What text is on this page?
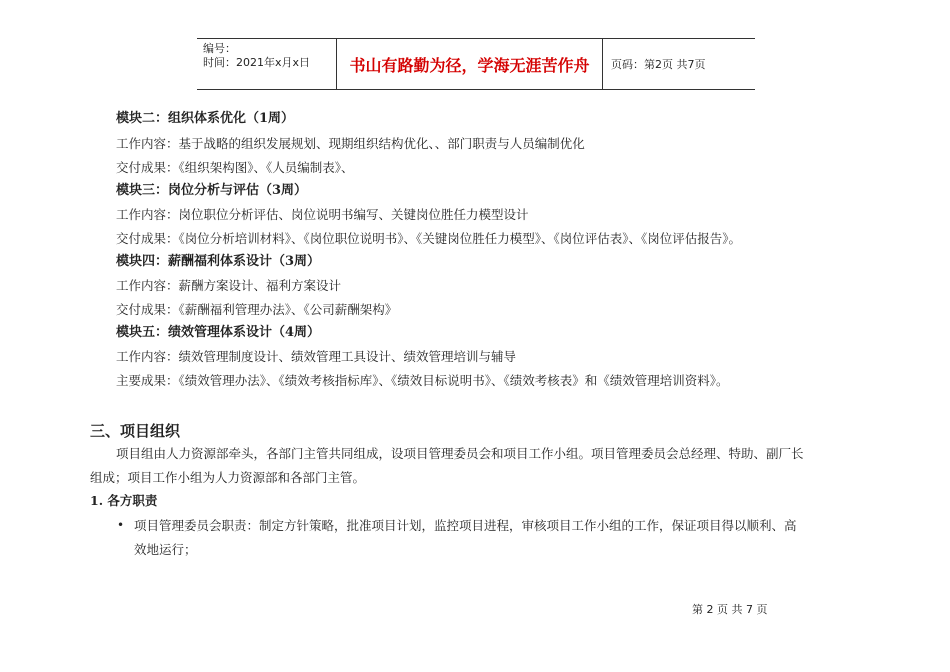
编号：
时间：2021年x月x日	书山有路勤为径，学海无涯苦作舟	页码：第2页 共7页
模块二：组织体系优化（1周）
工作内容：基于战略的组织发展规划、现期组织结构优化、、部门职责与人员编制优化
交付成果：《组织架构图》、《人员编制表》、
模块三：岗位分析与评估（3周）
工作内容：岗位职位分析评估、岗位说明书编写、关键岗位胜任力模型设计
交付成果：《岗位分析培训材料》、《岗位职位说明书》、《关键岗位胜任力模型》、《岗位评估表》、《岗位评估报告》。
模块四：薪酬福利体系设计（3周）
工作内容：薪酬方案设计、福利方案设计
交付成果：《薪酬福利管理办法》、《公司薪酬架构》
模块五：绩效管理体系设计（4周）
工作内容：绩效管理制度设计、绩效管理工具设计、绩效管理培训与辅导
主要成果：《绩效管理办法》、《绩效考核指标库》、《绩效目标说明书》、《绩效考核表》和《绩效管理培训资料》。
三、项目组织
项目组由人力资源部牵头，各部门主管共同组成，设项目管理委员会和项目工作小组。项目管理委员会总经理、特助、副厂长
组成；项目工作小组为人力资源部和各部门主管。
1. 各方职责
• 项目管理委员会职责：制定方针策略，批准项目计划，监控项目进程，审核项目工作小组的工作，保证项目得以顺利、高
效地运行；
第 2 页 共 7 页
